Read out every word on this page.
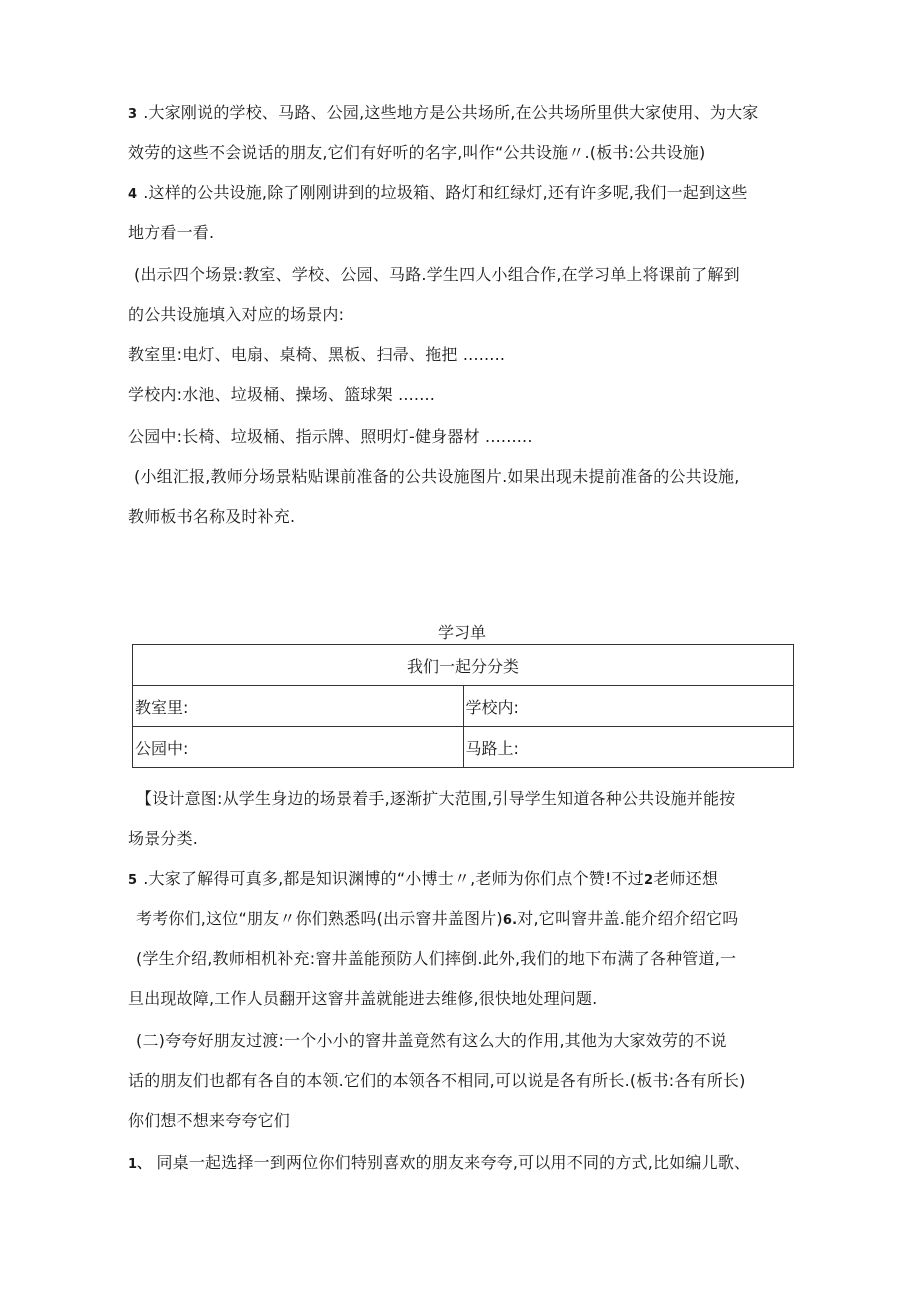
3 .大家刚说的学校、马路、公园,这些地方是公共场所,在公共场所里供大家使用、为大家
效劳的这些不会说话的朋友,它们有好听的名字,叫作“公共设施〃.(板书:公共设施)
4 .这样的公共设施,除了刚刚讲到的垃圾箱、路灯和红绿灯,还有许多呢,我们一起到这些
地方看一看.
(出示四个场景:教室、学校、公园、马路.学生四人小组合作,在学习单上将课前了解到
的公共设施填入对应的场景内:
教室里:电灯、电扇、桌椅、黑板、扫帚、拖把 ........
学校内:水池、垃圾桶、操场、篮球架 .......
公园中:长椅、垃圾桶、指示牌、照明灯-健身器材 .........
(小组汇报,教师分场景粘贴课前准备的公共设施图片.如果出现未提前准备的公共设施,
教师板书名称及时补充.
学习单
我们一起分分类	
教室里:	学校内:
公园中:	马路上:
【设计意图:从学生身边的场景着手,逐渐扩大范围,引导学生知道各种公共设施并能按
场景分类.
5 .大家了解得可真多,都是知识渊博的“小博士〃,老师为你们点个赞!不过2老师还想
考考你们,这位“朋友〃你们熟悉吗(出示窨井盖图片)6.对,它叫窨井盖.能介绍介绍它吗
(学生介绍,教师相机补充:窨井盖能预防人们摔倒.此外,我们的地下布满了各种管道,一
旦出现故障,工作人员翻开这窨井盖就能进去维修,很快地处理问题.
(二)夸夸好朋友过渡:一个小小的窨井盖竟然有这么大的作用,其他为大家效劳的不说
话的朋友们也都有各自的本领.它们的本领各不相同,可以说是各有所长.(板书:各有所长)
你们想不想来夸夸它们
1、 同桌一起选择一到两位你们特别喜欢的朋友来夸夸,可以用不同的方式,比如编儿歌、
